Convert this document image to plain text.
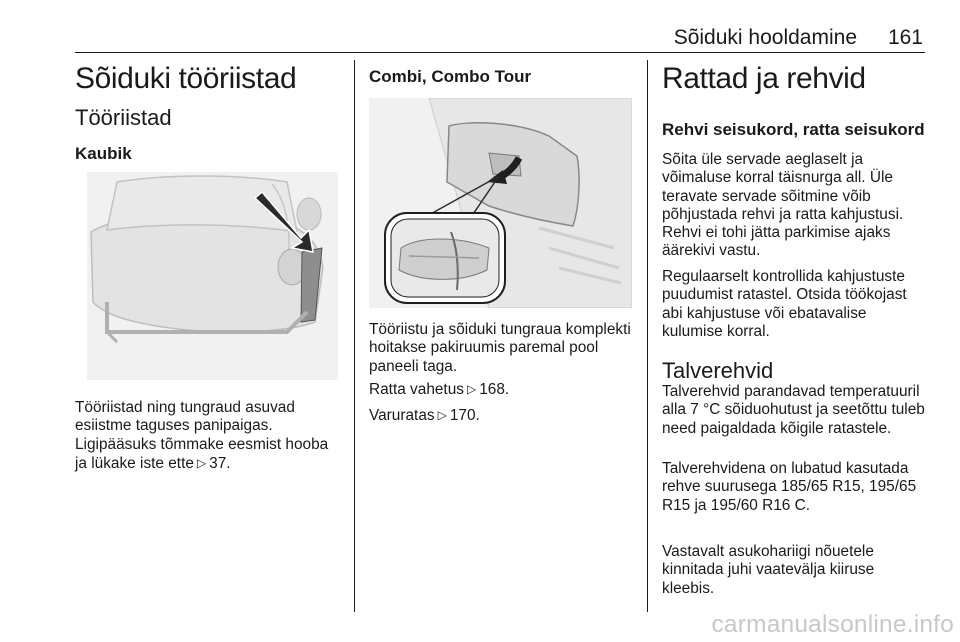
Sõiduki hooldamine 161
Sõiduki tööriistad
Tööriistad
Kaubik

Tööriistad ning tungraud asuvad esiistme taguses panipaigas. Ligipääsuks tõmmake eesmist hooba ja lükake iste ette ▷ 37.

Combi, Combo Tour

Tööriistu ja sõiduki tungraua komplekti hoitakse pakiruumis paremal pool paneeli taga.

Ratta vahetus ▷ 168.

Varuratas ▷ 170.

Rattad ja rehvid
Rehvi seisukord, ratta seisukord

Sõita üle servade aeglaselt ja võimaluse korral täisnurga all. Üle teravate servade sõitmine võib põhjustada rehvi ja ratta kahjustusi. Rehvi ei tohi jätta parkimise ajaks äärekivi vastu.

Regulaarselt kontrollida kahjustuste puudumist ratastel. Otsida töökojast abi kahjustuse või ebatavalise kulumise korral.

Talverehvid

Talverehvid parandavad temperatuuril alla 7 °C sõiduohutust ja seetõttu tuleb need paigaldada kõigile ratastele.

Talverehvidena on lubatud kasutada rehve suurusega 185/65 R15, 195/65 R15 ja 195/60 R16 C.

Vastavalt asukohariigi nõuetele kinnitada juhi vaatevälja kiiruse kleebis.

carmanualsonline.info
